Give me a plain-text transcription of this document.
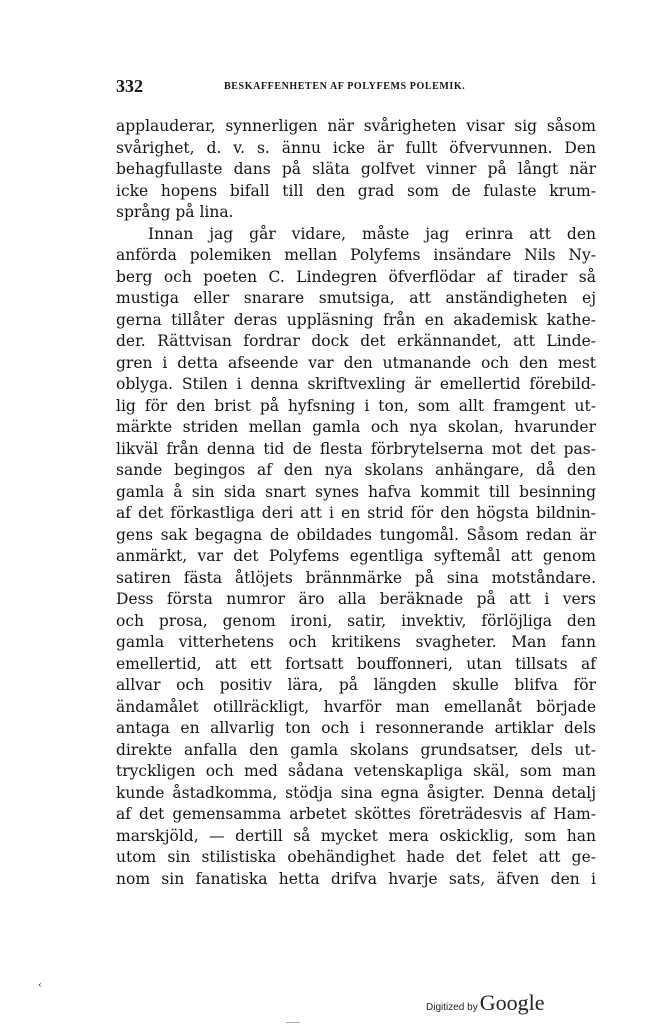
332	BESKAFFENHETEN AF POLYFEMS POLEMIK.
applauderar, synnerligen när svårigheten visar sig såsom
svårighet, d. v. s. ännu icke är fullt öfvervunnen. Den
behagfullaste dans på släta golfvet vinner på långt när
icke hopens bifall till den grad som de fulaste krum-
språng på lina.
Innan jag går vidare, måste jag erinra att den
anförda polemiken mellan Polyfems insändare Nils Ny-
berg och poeten C. Lindegren öfverflödar af tirader så
mustiga eller snarare smutsiga, att anständigheten ej
gerna tillåter deras uppläsning från en akademisk kathe-
der. Rättvisan fordrar dock det erkännandet, att Linde-
gren i detta afseende var den utmanande och den mest
oblyga. Stilen i denna skriftvexling är emellertid förebild-
lig för den brist på hyfsning i ton, som allt framgent ut-
märkte striden mellan gamla och nya skolan, hvarunder
likväl från denna tid de flesta förbrytelserna mot det pas-
sande begingos af den nya skolans anhängare, då den
gamla å sin sida snart synes hafva kommit till besinning
af det förkastliga deri att i en strid för den högsta bildnin-
gens sak begagna de obildades tungomål. Såsom redan är
anmärkt, var det Polyfems egentliga syftemål att genom
satiren fästa åtlöjets brännmärke på sina motståndare.
Dess första numror äro alla beräknade på att i vers
och prosa, genom ironi, satir, invektiv, förlöjliga den
gamla vitterhetens och kritikens svagheter. Man fann
emellertid, att ett fortsatt bouffonneri, utan tillsats af
allvar och positiv lära, på längden skulle blifva för
ändamålet otillräckligt, hvarför man emellanåt började
antaga en allvarlig ton och i resonnerande artiklar dels
direkte anfalla den gamla skolans grundsatser, dels ut-
tryckligen och med sådana vetenskapliga skäl, som man
kunde åstadkomma, stödja sina egna åsigter. Denna detalj
af det gemensamma arbetet sköttes företrädesvis af Ham-
marskjöld, — dertill så mycket mera oskicklig, som han
utom sin stilistiska obehändighet hade det felet att ge-
nom sin fanatiska hetta drifva hvarje sats, äfven den i
‹
Digitized by Google
